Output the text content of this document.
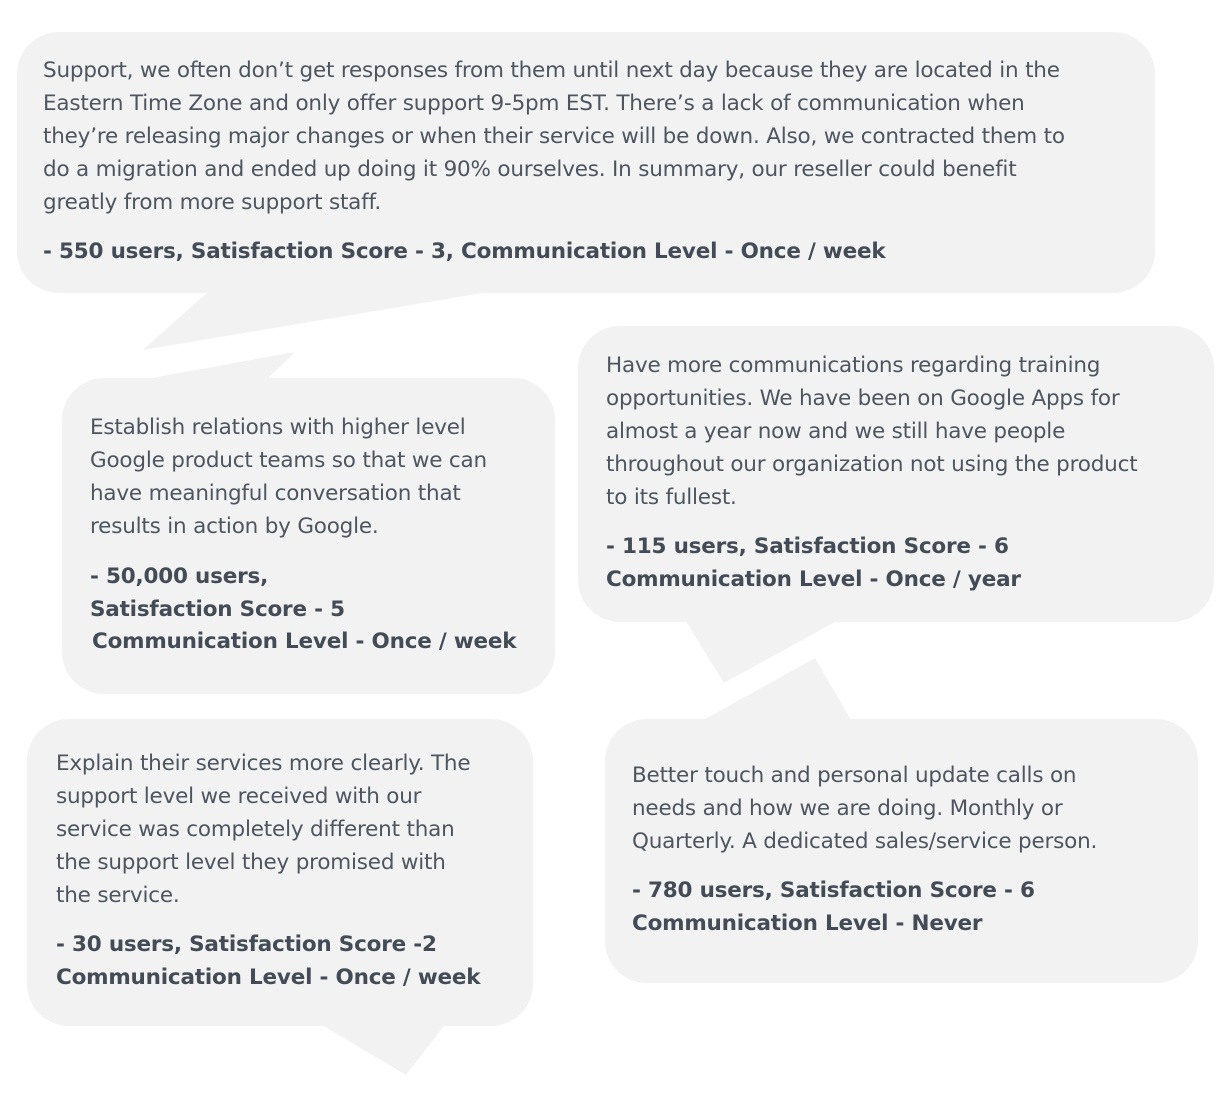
Support, we often don’t get responses from them until next day because they are located in the
Eastern Time Zone and only offer support 9-5pm EST. There’s a lack of communication when
they’re releasing major changes or when their service will be down. Also, we contracted them to
do a migration and ended up doing it 90% ourselves. In summary, our reseller could benefit
greatly from more support staff.

- 550 users, Satisfaction Score - 3, Communication Level - Once / week

Establish relations with higher level
Google product teams so that we can
have meaningful conversation that
results in action by Google.

- 50,000 users,
Satisfaction Score - 5
Communication Level - Once / week

Have more communications regarding training
opportunities. We have been on Google Apps for
almost a year now and we still have people
throughout our organization not using the product
to its fullest.

- 115 users, Satisfaction Score - 6
Communication Level - Once / year

Explain their services more clearly. The
support level we received with our
service was completely different than
the support level they promised with
the service.

- 30 users, Satisfaction Score -2
Communication Level - Once / week

Better touch and personal update calls on
needs and how we are doing. Monthly or
Quarterly. A dedicated sales/service person.

- 780 users, Satisfaction Score - 6
Communication Level - Never
